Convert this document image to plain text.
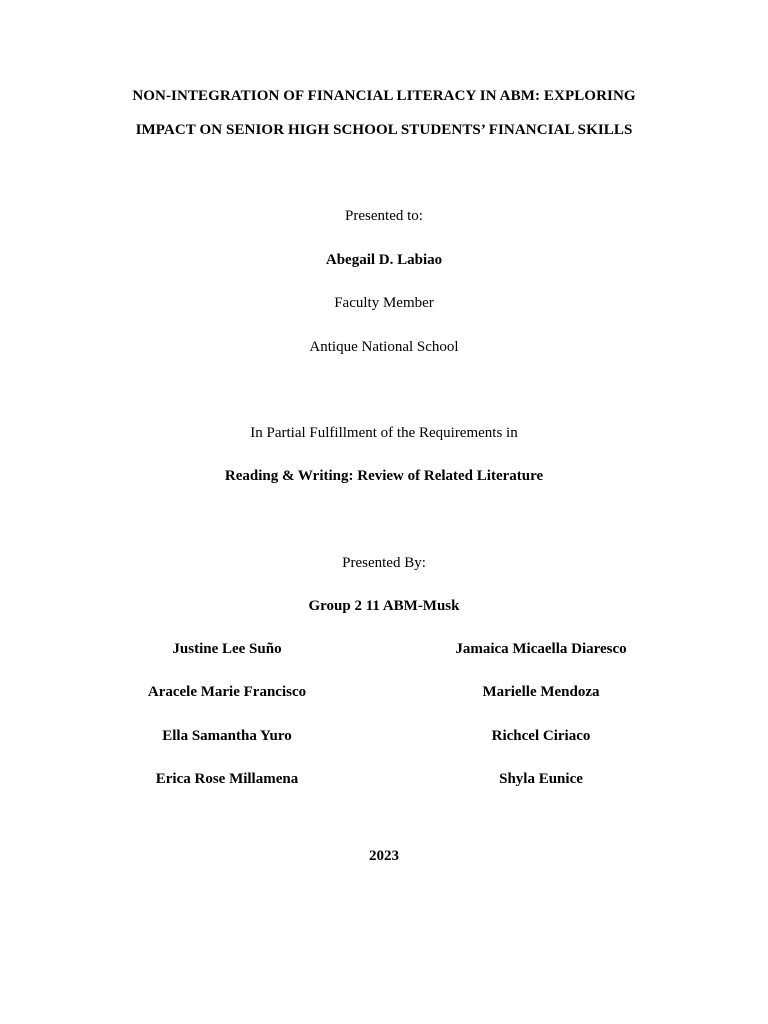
NON-INTEGRATION OF FINANCIAL LITERACY IN ABM: EXPLORING
IMPACT ON SENIOR HIGH SCHOOL STUDENTS’ FINANCIAL SKILLS
Presented to:
Abegail D. Labiao
Faculty Member
Antique National School
In Partial Fulfillment of the Requirements in
Reading & Writing: Review of Related Literature
Presented By:
Group 2 11 ABM-Musk
Justine Lee Suño	Jamaica Micaella Diaresco
Aracele Marie Francisco	Marielle Mendoza
Ella Samantha Yuro	Richcel Ciriaco
Erica Rose Millamena	Shyla Eunice
2023
